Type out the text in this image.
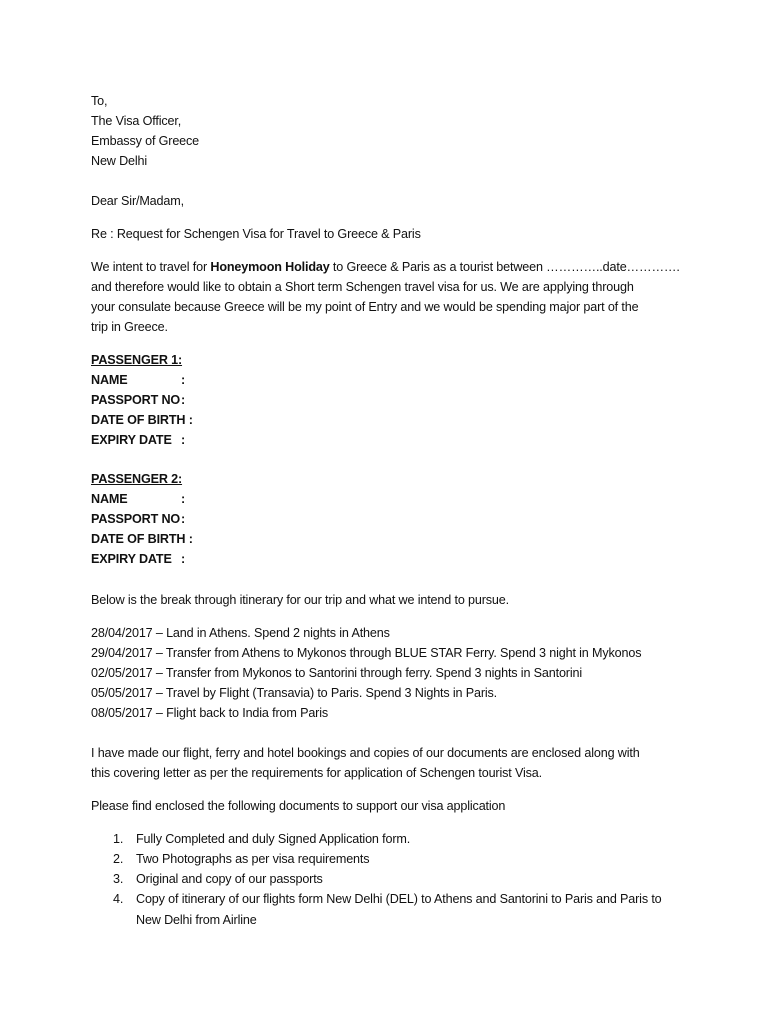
To,
The Visa Officer,
Embassy of Greece
New Delhi
Dear Sir/Madam,
Re : Request for Schengen Visa for Travel to Greece & Paris
We intent to travel for Honeymoon Holiday to Greece & Paris as a tourist between …………..date………….
and therefore would like to obtain a Short term Schengen travel visa for us. We are applying through
your consulate because Greece will be my point of Entry and we would be spending major part of the
trip in Greece.
PASSENGER 1:
NAME	:
PASSPORT NO:
DATE OF BIRTH :
EXPIRY DATE :
PASSENGER 2:
NAME	:
PASSPORT NO:
DATE OF BIRTH :
EXPIRY DATE :
Below is the break through itinerary for our trip and what we intend to pursue.
28/04/2017 – Land in Athens. Spend 2 nights in Athens
29/04/2017 – Transfer from Athens to Mykonos through BLUE STAR Ferry. Spend 3 night in Mykonos
02/05/2017 – Transfer from Mykonos to Santorini through ferry. Spend 3 nights in Santorini
05/05/2017 – Travel by Flight (Transavia) to Paris. Spend 3 Nights in Paris.
08/05/2017 – Flight back to India from Paris
I have made our flight, ferry and hotel bookings and copies of our documents are enclosed along with
this covering letter as per the requirements for application of Schengen tourist Visa.
Please find enclosed the following documents to support our visa application
1. Fully Completed and duly Signed Application form.
2. Two Photographs as per visa requirements
3. Original and copy of our passports
4. Copy of itinerary of our flights form New Delhi (DEL) to Athens and Santorini to Paris and Paris to
New Delhi from Airline
